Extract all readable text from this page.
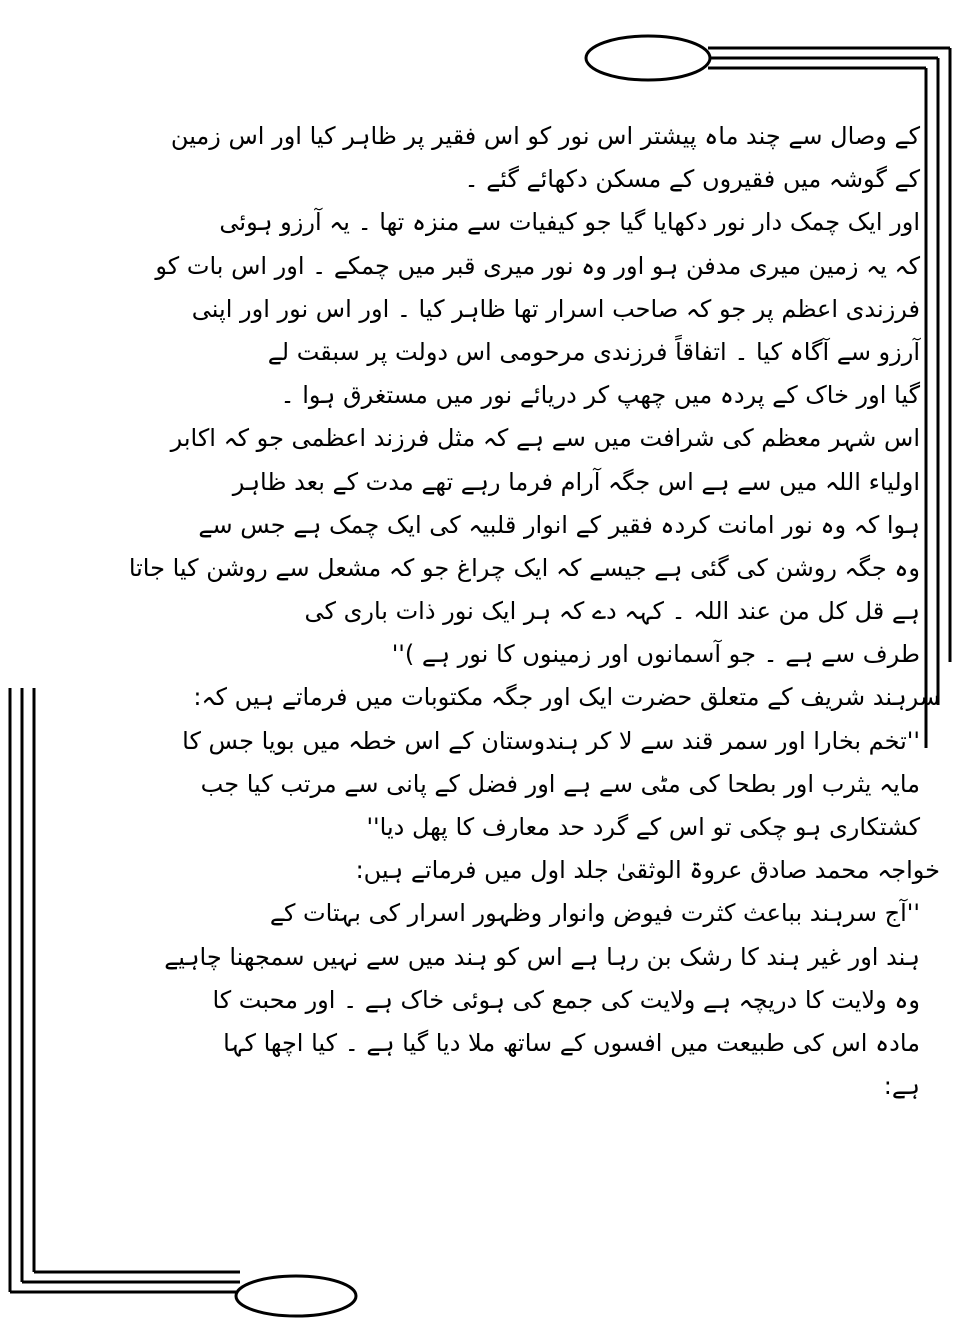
کے وصال سے چند ماہ پیشتر اس نور کو اس فقیر پر ظاہر کیا اور اس زمین
کے گوشہ میں فقیروں کے مسکن دکھائے گئے ۔
اور ایک چمک دار نور دکھایا گیا جو کیفیات سے منزہ تھا ۔ یہ آرزو ہوئی
کہ یہ زمین میری مدفن ہو اور وہ نور میری قبر میں چمکے ۔ اور اس بات کو
فرزندی اعظم پر جو کہ صاحب اسرار تھا ظاہر کیا ۔ اور اس نور اور اپنی
آرزو سے آگاہ کیا ۔ اتفاقاً فرزندی مرحومی اس دولت پر سبقت لے
گیا اور خاک کے پردہ میں چھپ کر دریائے نور میں مستغرق ہوا ۔
اس شہر معظم کی شرافت میں سے ہے کہ مثل فرزند اعظمی جو کہ اکابر
اولیاء اللہ میں سے ہے اس جگہ آرام فرما رہے تھے مدت کے بعد ظاہر
ہوا کہ وہ نور امانت کردہ فقیر کے انوار قلبیہ کی ایک چمک ہے جس سے
وہ جگہ روشن کی گئی ہے جیسے کہ ایک چراغ جو کہ مشعل سے روشن کیا جاتا
ہے قل کل من عند اللہ ۔ کہہ دے کہ ہر ایک نور ذات باری کی
طرف سے ہے ۔ جو آسمانوں اور زمینوں کا نور ہے )''
سرہند شریف کے متعلق حضرت ایک اور جگہ مکتوبات میں فرماتے ہیں کہ:
''تخم بخارا اور سمر قند سے لا کر ہندوستان کے اس خطہ میں بویا جس کا
مایہ یثرب اور بطحا کی مٹی سے ہے اور فضل کے پانی سے مرتب کیا جب
کشتکاری ہو چکی تو اس کے گرد حد معارف کا پھل دیا''
خواجہ محمد صادق عروۃ الوثقیٰ جلد اول میں فرماتے ہیں:
''آج سرہند بباعث کثرت فیوض وانوار وظہور اسرار کی بہتات کے
ہند اور غیر ہند کا رشک بن رہا ہے اس کو ہند میں سے نہیں سمجھنا چاہیے
وہ ولایت کا دریچہ ہے ولایت کی جمع کی ہوئی خاک ہے ۔ اور محبت کا
مادہ اس کی طبیعت میں افسوں کے ساتھ ملا دیا گیا ہے ۔ کیا اچھا کہا
ہے:
